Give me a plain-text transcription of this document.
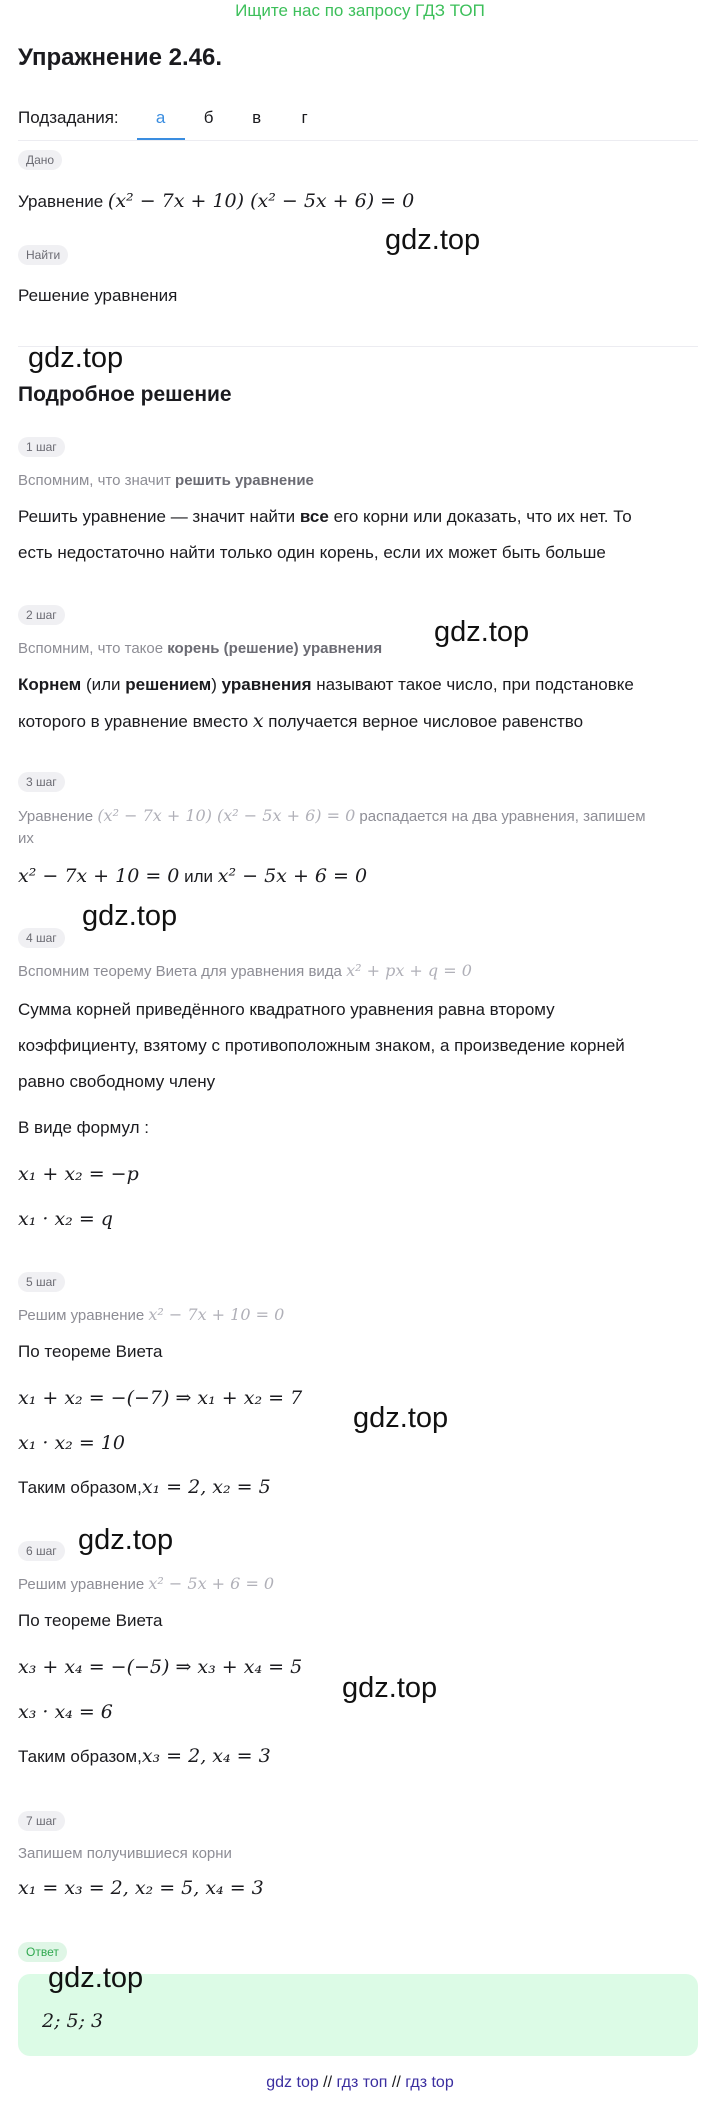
Ищите нас по запросу ГДЗ ТОП
Упражнение 2.46.
Подзадания:	а	б	в	г
Дано
Уравнение (x² − 7x + 10) (x² − 5x + 6) = 0
Найти
Решение уравнения
Подробное решение
1 шаг
Вспомним, что значит решить уравнение
Решить уравнение — значит найти все его корни или доказать, что их нет. То
есть недостаточно найти только один корень, если их может быть больше
2 шаг
Вспомним, что такое корень (решение) уравнения
Корнем (или решением) уравнения называют такое число, при подстановке
которого в уравнение вместо x получается верное числовое равенство
3 шаг
Уравнение (x² − 7x + 10) (x² − 5x + 6) = 0 распадается на два уравнения, запишем
их
x² − 7x + 10 = 0 или x² − 5x + 6 = 0
4 шаг
Вспомним теорему Виета для уравнения вида x² + px + q = 0
Сумма корней приведённого квадратного уравнения равна второму
коэффициенту, взятому с противоположным знаком, а произведение корней
равно свободному члену
В виде формул :
x₁ + x₂ = −p
x₁ · x₂ = q
5 шаг
Решим уравнение x² − 7x + 10 = 0
По теореме Виета
x₁ + x₂ = −(−7) ⇒ x₁ + x₂ = 7
x₁ · x₂ = 10
Таким образом,x₁ = 2, x₂ = 5
6 шаг
Решим уравнение x² − 5x + 6 = 0
По теореме Виета
x₃ + x₄ = −(−5) ⇒ x₃ + x₄ = 5
x₃ · x₄ = 6
Таким образом,x₃ = 2, x₄ = 3
7 шаг
Запишем получившиеся корни
x₁ = x₃ = 2, x₂ = 5, x₄ = 3
Ответ
2; 5; 3
gdz.top
gdz.top
gdz.top
gdz.top
gdz.top
gdz.top
gdz.top
gdz.top
gdz top // гдз топ // гдз top
